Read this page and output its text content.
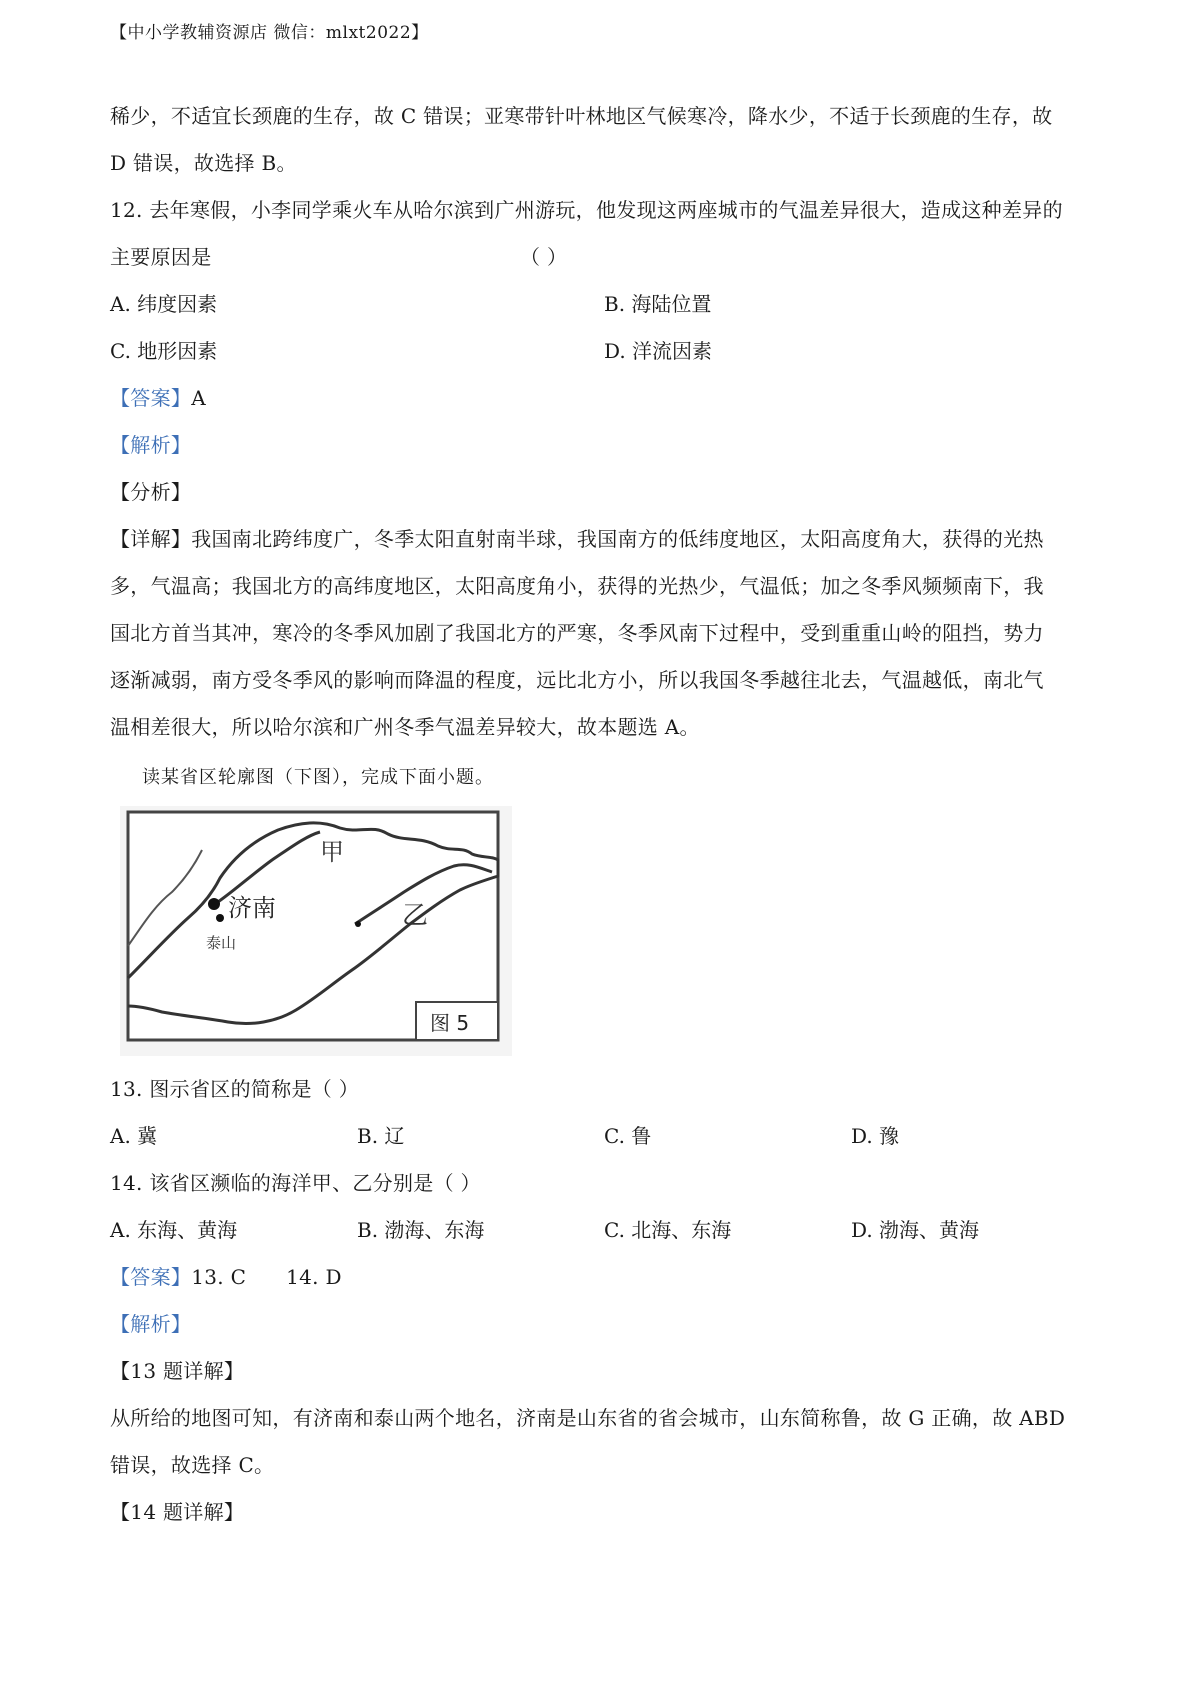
【中小学教辅资源店 微信：mlxt2022】
稀少，不适宜长颈鹿的生存，故 C 错误；亚寒带针叶林地区气候寒冷，降水少，不适于长颈鹿的生存，故
D 错误，故选择 B。
12. 去年寒假，小李同学乘火车从哈尔滨到广州游玩，他发现这两座城市的气温差异很大，造成这种差异的
主要原因是	（ ）
A. 纬度因素	B. 海陆位置
C. 地形因素	D. 洋流因素
【答案】A
【解析】
【分析】
【详解】我国南北跨纬度广，冬季太阳直射南半球，我国南方的低纬度地区，太阳高度角大，获得的光热
多，气温高；我国北方的高纬度地区，太阳高度角小，获得的光热少，气温低；加之冬季风频频南下，我
国北方首当其冲，寒冷的冬季风加剧了我国北方的严寒，冬季风南下过程中，受到重重山岭的阻挡，势力
逐渐减弱，南方受冬季风的影响而降温的程度，远比北方小，所以我国冬季越往北去，气温越低，南北气
温相差很大，所以哈尔滨和广州冬季气温差异较大，故本题选 A。
读某省区轮廓图（下图），完成下面小题。
甲
乙
济南
泰山
图 5
13. 图示省区的简称是（ ）
A. 冀	B. 辽	C. 鲁	D. 豫
14. 该省区濒临的海洋甲、乙分别是（ ）
A. 东海、黄海	B. 渤海、东海	C. 北海、东海	D. 渤海、黄海
【答案】13. C      14. D
【解析】
【13 题详解】
从所给的地图可知，有济南和泰山两个地名，济南是山东省的省会城市，山东简称鲁，故 G 正确，故 ABD
错误，故选择 C。
【14 题详解】
